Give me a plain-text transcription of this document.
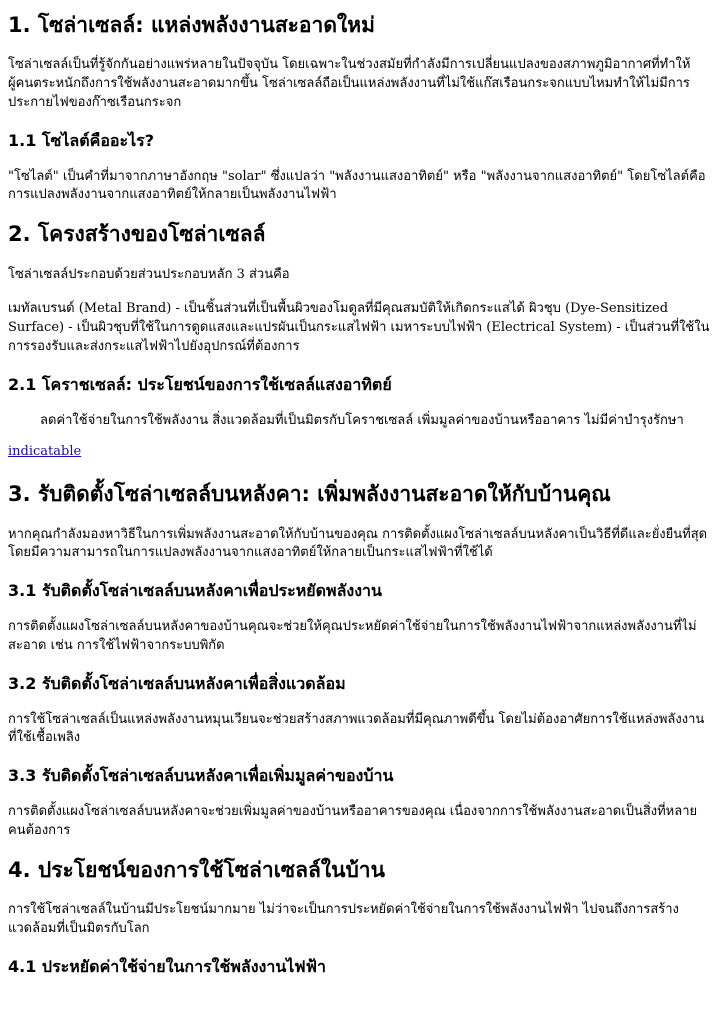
1. โซล่าเซลล์: แหล่งพลังงานสะอาดใหม่

โซล่าเซลล์เป็นที่รู้จักกันอย่างแพร่หลายในปัจจุบัน โดยเฉพาะในช่วงสมัยที่กำลังมีการเปลี่ยนแปลงของสภาพภูมิอากาศที่ทำให้ผู้คนตระหนักถึงการใช้พลังงานสะอาดมากขึ้น โซล่าเซลล์ถือเป็นแหล่งพลังงานที่ไม่ใช้แก๊สเรือนกระจกแบบไหมทำให้ไม่มีการประกายไฟของก๊าซเรือนกระจก

1.1 โซไลต์คืออะไร?

"โซไลต์" เป็นคำที่มาจากภาษาอังกฤษ "solar" ซึ่งแปลว่า "พลังงานแสงอาทิตย์" หรือ "พลังงานจากแสงอาทิตย์" โดยโซไลต์คือการแปลงพลังงานจากแสงอาทิตย์ให้กลายเป็นพลังงานไฟฟ้า

2. โครงสร้างของโซล่าเซลล์

โซล่าเซลล์ประกอบด้วยส่วนประกอบหลัก 3 ส่วนคือ

เมทัลเบรนด์ (Metal Brand) - เป็นชิ้นส่วนที่เป็นพื้นผิวของโมดูลที่มีคุณสมบัติให้เกิดกระแสได้ ผิวชุบ (Dye-Sensitized Surface) - เป็นผิวชุบที่ใช้ในการดูดแสงและแปรผันเป็นกระแสไฟฟ้า เมหาระบบไฟฟ้า (Electrical System) - เป็นส่วนที่ใช้ในการรองรับและส่งกระแสไฟฟ้าไปยังอุปกรณ์ที่ต้องการ

2.1 โคราชเซลล์: ประโยชน์ของการใช้เซลล์แสงอาทิตย์
ลดค่าใช้จ่ายในการใช้พลังงาน สิ่งแวดล้อมที่เป็นมิตรกับโคราชเซลล์ เพิ่มมูลค่าของบ้านหรืออาคาร ไม่มีค่าบำรุงรักษา

indicatable

3. รับติดตั้งโซล่าเซลล์บนหลังคา: เพิ่มพลังงานสะอาดให้กับบ้านคุณ

หากคุณกำลังมองหาวิธีในการเพิ่มพลังงานสะอาดให้กับบ้านของคุณ การติดตั้งแผงโซล่าเซลล์บนหลังคาเป็นวิธีที่ดีและยั่งยืนที่สุด โดยมีความสามารถในการแปลงพลังงานจากแสงอาทิตย์ให้กลายเป็นกระแสไฟฟ้าที่ใช้ได้

3.1 รับติดตั้งโซล่าเซลล์บนหลังคาเพื่อประหยัดพลังงาน

การติดตั้งแผงโซล่าเซลล์บนหลังคาของบ้านคุณจะช่วยให้คุณประหยัดค่าใช้จ่ายในการใช้พลังงานไฟฟ้าจากแหล่งพลังงานที่ไม่สะอาด เช่น การใช้ไฟฟ้าจากระบบพิกัด

3.2 รับติดตั้งโซล่าเซลล์บนหลังคาเพื่อสิ่งแวดล้อม

การใช้โซล่าเซลล์เป็นแหล่งพลังงานหมุนเวียนจะช่วยสร้างสภาพแวดล้อมที่มีคุณภาพดีขึ้น โดยไม่ต้องอาศัยการใช้แหล่งพลังงานที่ใช้เชื้อเพลิง

3.3 รับติดตั้งโซล่าเซลล์บนหลังคาเพื่อเพิ่มมูลค่าของบ้าน

การติดตั้งแผงโซล่าเซลล์บนหลังคาจะช่วยเพิ่มมูลค่าของบ้านหรืออาคารของคุณ เนื่องจากการใช้พลังงานสะอาดเป็นสิ่งที่หลายคนต้องการ

4. ประโยชน์ของการใช้โซล่าเซลล์ในบ้าน

การใช้โซล่าเซลล์ในบ้านมีประโยชน์มากมาย ไม่ว่าจะเป็นการประหยัดค่าใช้จ่ายในการใช้พลังงานไฟฟ้า ไปจนถึงการสร้างแวดล้อมที่เป็นมิตรกับโลก

4.1 ประหยัดค่าใช้จ่ายในการใช้พลังงานไฟฟ้า
